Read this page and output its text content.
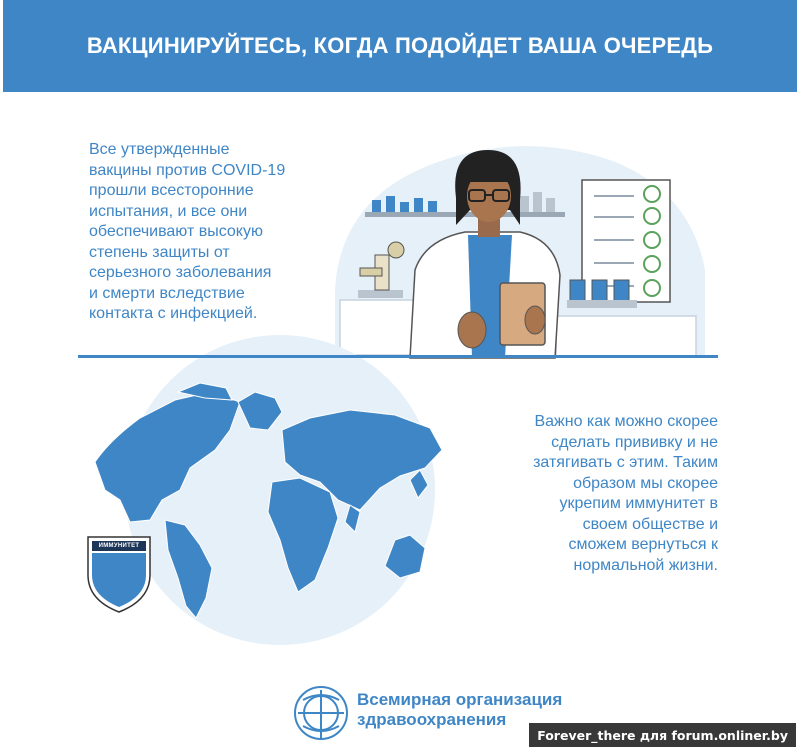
ВАКЦИНИРУЙТЕСЬ, КОГДА ПОДОЙДЕТ ВАША ОЧЕРЕДЬ
ИММУНИТЕТ
Все утвержденные
вакцины против COVID-19
прошли всесторонние
испытания, и все они
обеспечивают высокую
степень защиты от
серьезного заболевания
и смерти вследствие
контакта с инфекцией.
Важно как можно скорее
сделать прививку и не
затягивать с этим. Таким
образом мы скорее
укрепим иммунитет в
своем обществе и
сможем вернуться к
нормальной жизни.
Всемирная организация
здравоохранения
Forever_there для forum.onliner.by
